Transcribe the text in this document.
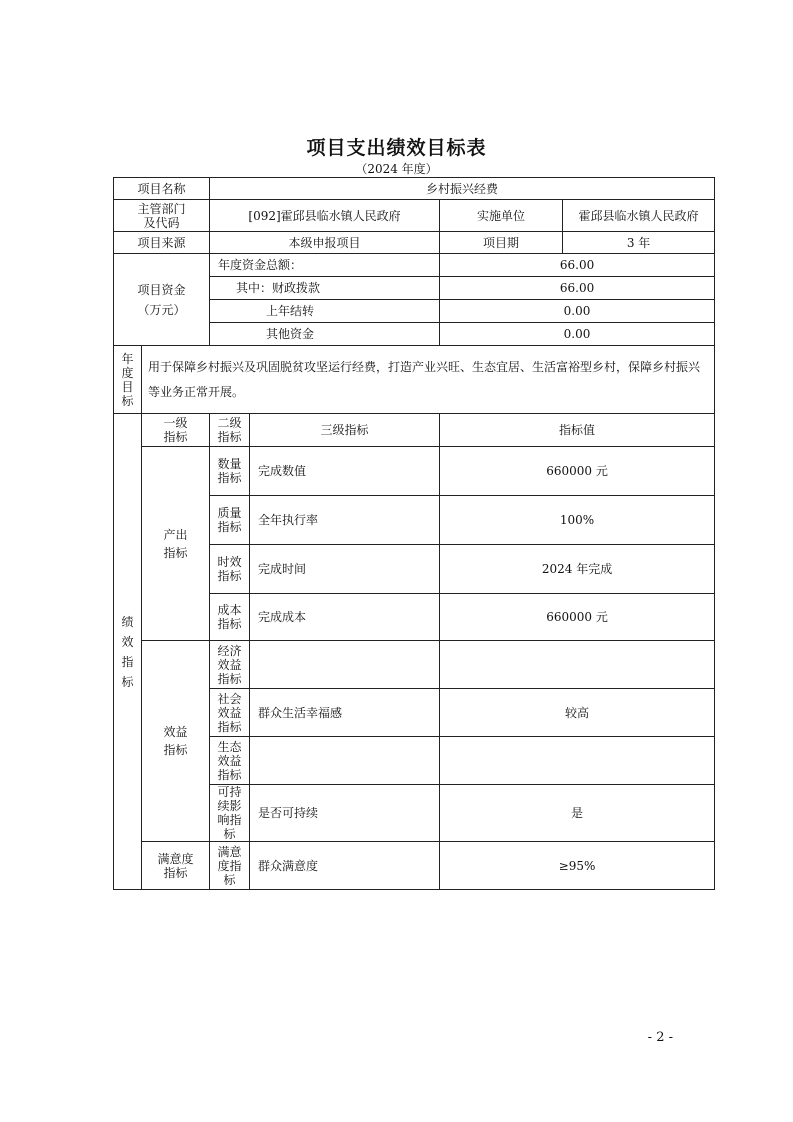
项目支出绩效目标表
（2024 年度）
项目名称		乡村振兴经费			

主管部门
及代码		[092]霍邱县临水镇人民政府		实施单位	霍邱县临水镇人民政府
项目来源		本级申报项目		项目期	3 年

项目资金
（万元）		年度资金总额：		66.00	
		其中：财政拨款		66.00	
		上年结转		0.00	
		其他资金		0.00	

年度目标	用于保障乡村振兴及巩固脱贫攻坚运行经费，打造产业兴旺、生态宜居、生活富裕型乡村，保障乡村振兴等业务正常开展。				

绩效指标	一级指标	二级指标	三级指标	指标值	

	产出指标	数量指标	完成数值	660000 元	

		质量指标	全年执行率	100%	

		时效指标	完成时间	2024 年完成	

		成本指标	完成成本	660000 元	

	效益指标	经济效益指标			

		社会效益指标	群众生活幸福感	较高	

		生态效益指标			

		可持续影响指标	是否可持续	是	

	满意度指标	满意度指标	群众满意度	≥95%	
- 2 -
